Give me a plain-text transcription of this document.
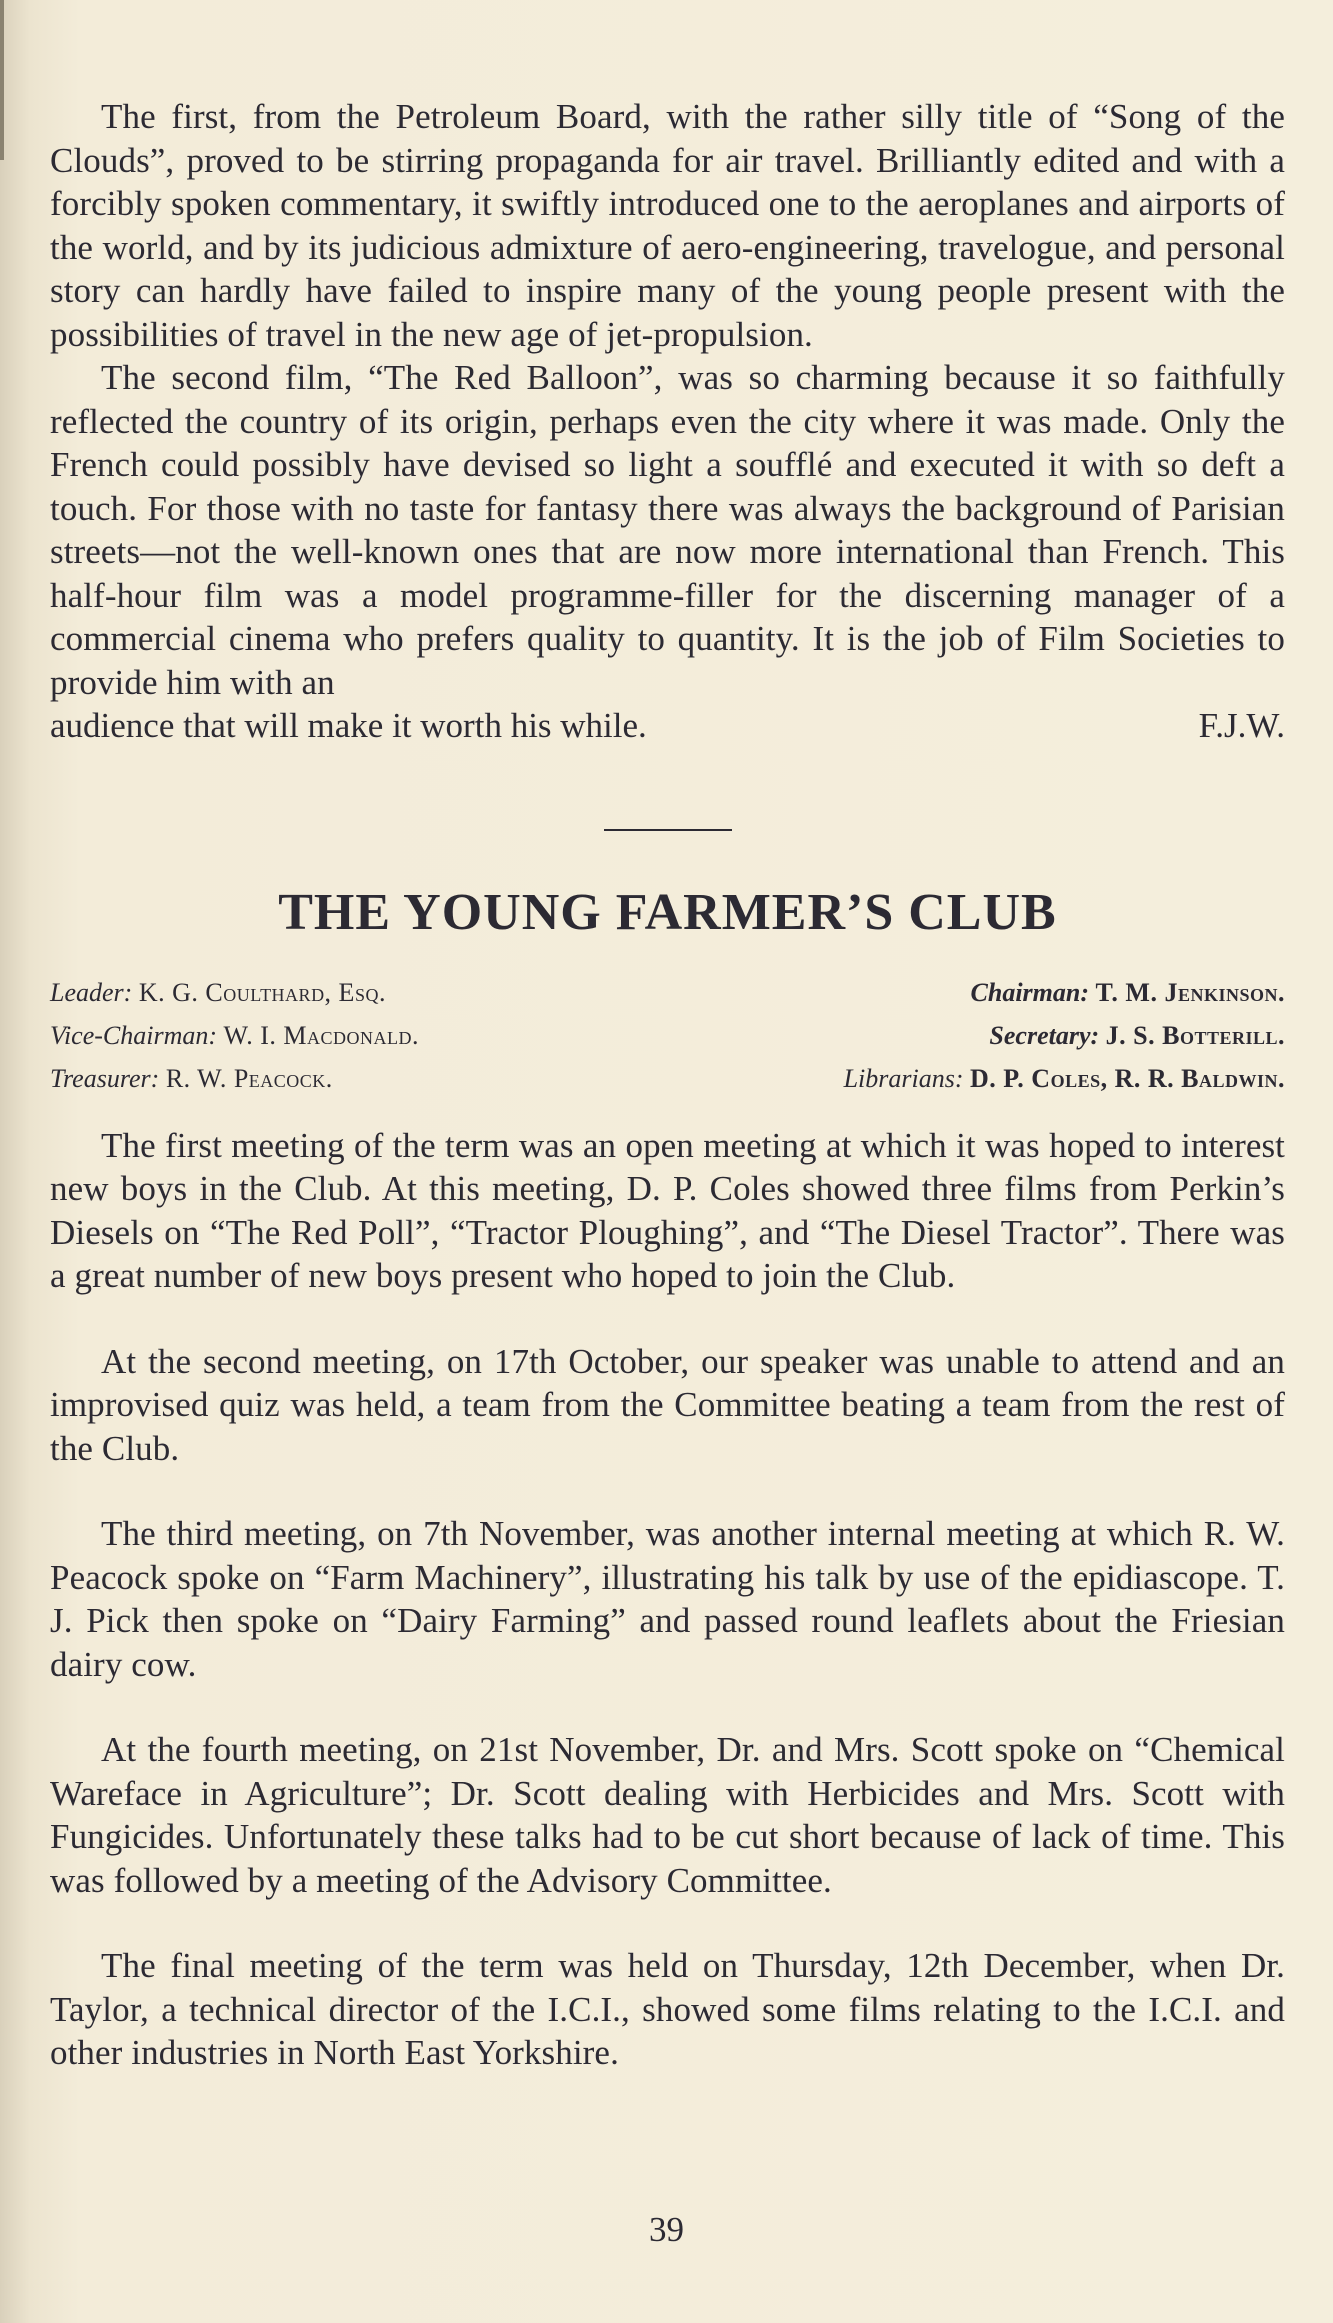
The first, from the Petroleum Board, with the rather silly title of “Song of the Clouds”, proved to be stirring propaganda for air travel. Brilliantly edited and with a forcibly spoken commentary, it swiftly introduced one to the aeroplanes and airports of the world, and by its judicious admixture of aero-engineering, travelogue, and personal story can hardly have failed to inspire many of the young people present with the possibilities of travel in the new age of jet-propulsion.

The second film, “The Red Balloon”, was so charming because it so faithfully reflected the country of its origin, perhaps even the city where it was made. Only the French could possibly have devised so light a soufflé and executed it with so deft a touch. For those with no taste for fantasy there was always the background of Parisian streets—not the well-known ones that are now more international than French. This half-hour film was a model programme-filler for the discerning manager of a commercial cinema who prefers quality to quantity. It is the job of Film Societies to provide him with an

audience that will make it worth his while.	F.J.W.
THE YOUNG FARMER’S CLUB
Leader: K. G. Coulthard, Esq.	Chairman: T. M. Jenkinson.
Vice-Chairman: W. I. Macdonald.	Secretary: J. S. Botterill.
Treasurer: R. W. Peacock.	Librarians: D. P. Coles, R. R. Baldwin.

The first meeting of the term was an open meeting at which it was hoped to interest new boys in the Club. At this meeting, D. P. Coles showed three films from Perkin’s Diesels on “The Red Poll”, “Tractor Ploughing”, and “The Diesel Tractor”. There was a great number of new boys present who hoped to join the Club.

At the second meeting, on 17th October, our speaker was unable to attend and an improvised quiz was held, a team from the Committee beating a team from the rest of the Club.

The third meeting, on 7th November, was another internal meeting at which R. W. Peacock spoke on “Farm Machinery”, illustrating his talk by use of the epidiascope. T. J. Pick then spoke on “Dairy Farming” and passed round leaflets about the Friesian dairy cow.

At the fourth meeting, on 21st November, Dr. and Mrs. Scott spoke on “Chemical Wareface in Agriculture”; Dr. Scott dealing with Herbicides and Mrs. Scott with Fungicides. Unfortunately these talks had to be cut short because of lack of time. This was followed by a meeting of the Advisory Committee.

The final meeting of the term was held on Thursday, 12th December, when Dr. Taylor, a technical director of the I.C.I., showed some films relating to the I.C.I. and other industries in North East Yorkshire.

39
